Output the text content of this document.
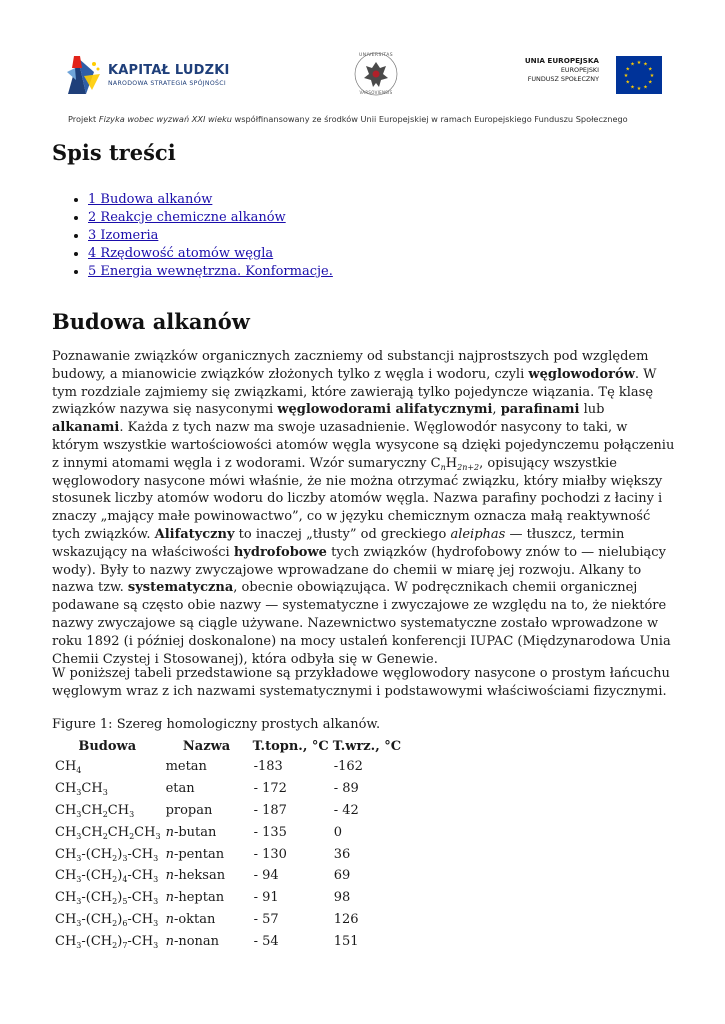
KAPITAŁ LUDZKI
NARODOWA STRATEGIA SPÓJNOŚCI
UNIVERSITAS
VARSOVIENSIS
UNIA EUROPEJSKA
EUROPEJSKI
FUNDUSZ SPOŁECZNY
★ ★
★
★
★
★
★
★
★
★
★
★
Projekt Fizyka wobec wyzwań XXI wieku współfinansowany ze środków Unii Europejskiej w ramach Europejskiego Funduszu Społecznego
Spis treści
• 1 Budowa alkanów
• 2 Reakcje chemiczne alkanów
• 3 Izomeria
• 4 Rzędowość atomów węgla
• 5 Energia wewnętrzna. Konformacje.
Budowa alkanów

Poznawanie związków organicznych zaczniemy od substancji najprostszych pod względem budowy, a mianowicie związków złożonych tylko z węgla i wodoru, czyli węglowodorów. W tym rozdziale zajmiemy się związkami, które zawierają tylko pojedyncze wiązania. Tę klasę związków nazywa się nasyconymi węglowodorami alifatycznymi, parafinami lub alkanami. Każda z tych nazw ma swoje uzasadnienie. Węglowodór nasycony to taki, w którym wszystkie wartościowości atomów węgla wysycone są dzięki pojedynczemu połączeniu z innymi atomami węgla i z wodorami. Wzór sumaryczny $C_nH_{2n+2}$, opisujący wszystkie węglowodory nasycone mówi właśnie, że nie można otrzymać związku, który miałby większy stosunek liczby atomów wodoru do liczby atomów węgla. Nazwa parafiny pochodzi z łaciny i znaczy „mający małe powinowactwo”, co w języku chemicznym oznacza małą reaktywność tych związków. Alifatyczny to inaczej „tłusty” od greckiego aleiphas — tłuszcz, termin wskazujący na właściwości hydrofobowe tych związków (hydrofobowy znów to — nielubiący wody). Były to nazwy zwyczajowe wprowadzane do chemii w miarę jej rozwoju. Alkany to nazwa tzw. systematyczna, obecnie obowiązująca. W podręcznikach chemii organicznej podawane są często obie nazwy — systematyczne i zwyczajowe ze względu na to, że niektóre nazwy zwyczajowe są ciągle używane. Nazewnictwo systematyczne zostało wprowadzone w roku 1892 (i później doskonalone) na mocy ustaleń konferencji IUPAC (Międzynarodowa Unia Chemii Czystej i Stosowanej), która odbyła się w Genewie.

W poniższej tabeli przedstawione są przykładowe węglowodory nasycone o prostym łańcuchu węglowym wraz z ich nazwami systematycznymi i podstawowymi właściwościami fizycznymi.

Figure 1: Szereg homologiczny prostych alkanów.
Budowa	Nazwa	T.topn., °C	T.wrz., °C
$CH_4$	metan	-183	-162
$CH_3CH_3$	etan	- 172	- 89
$CH_3CH_2CH_3$	propan	- 187	- 42
$CH_3CH_2CH_2CH_3$	n-butan	- 135	0
$CH_3-(CH_2)_3-CH_3$	n-pentan	- 130	36
$CH_3-(CH_2)_4-CH_3$	n-heksan	- 94	69
$CH_3-(CH_2)_5-CH_3$	n-heptan	- 91	98
$CH_3-(CH_2)_6-CH_3$	n-oktan	- 57	126
$CH_3-(CH_2)_7-CH_3$	n-nonan	- 54	151
